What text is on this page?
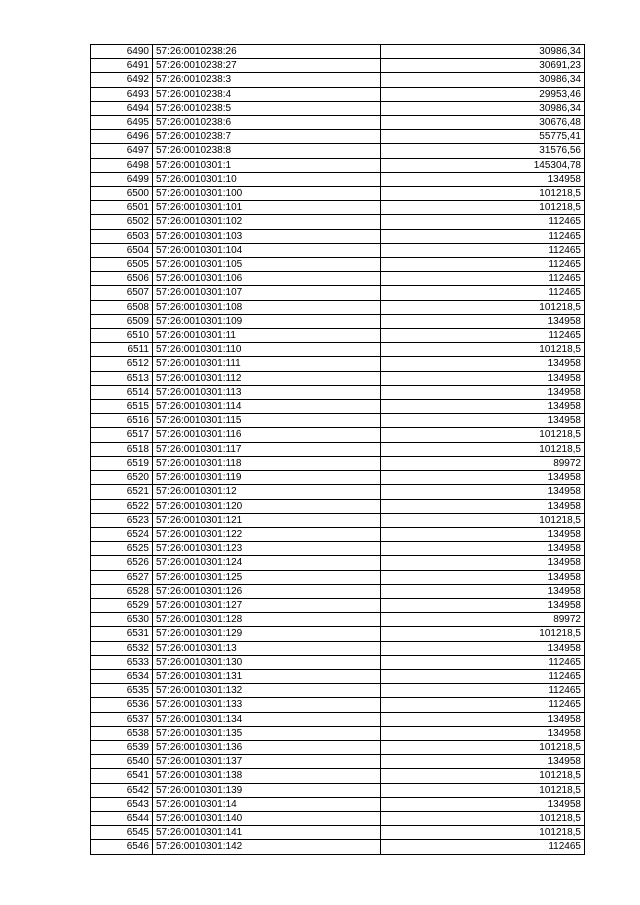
6490	57:26:0010238:26	30986,34
6491	57:26:0010238:27	30691,23
6492	57:26:0010238:3	30986,34
6493	57:26:0010238:4	29953,46
6494	57:26:0010238:5	30986,34
6495	57:26:0010238:6	30676,48
6496	57:26:0010238:7	55775,41
6497	57:26:0010238:8	31576,56
6498	57:26:0010301:1	145304,78
6499	57:26:0010301:10	134958
6500	57:26:0010301:100	101218,5
6501	57:26:0010301:101	101218,5
6502	57:26:0010301:102	112465
6503	57:26:0010301:103	112465
6504	57:26:0010301:104	112465
6505	57:26:0010301:105	112465
6506	57:26:0010301:106	112465
6507	57:26:0010301:107	112465
6508	57:26:0010301:108	101218,5
6509	57:26:0010301:109	134958
6510	57:26:0010301:11	112465
6511	57:26:0010301:110	101218,5
6512	57:26:0010301:111	134958
6513	57:26:0010301:112	134958
6514	57:26:0010301:113	134958
6515	57:26:0010301:114	134958
6516	57:26:0010301:115	134958
6517	57:26:0010301:116	101218,5
6518	57:26:0010301:117	101218,5
6519	57:26:0010301:118	89972
6520	57:26:0010301:119	134958
6521	57:26:0010301:12	134958
6522	57:26:0010301:120	134958
6523	57:26:0010301:121	101218,5
6524	57:26:0010301:122	134958
6525	57:26:0010301:123	134958
6526	57:26:0010301:124	134958
6527	57:26:0010301:125	134958
6528	57:26:0010301:126	134958
6529	57:26:0010301:127	134958
6530	57:26:0010301:128	89972
6531	57:26:0010301:129	101218,5
6532	57:26:0010301:13	134958
6533	57:26:0010301:130	112465
6534	57:26:0010301:131	112465
6535	57:26:0010301:132	112465
6536	57:26:0010301:133	112465
6537	57:26:0010301:134	134958
6538	57:26:0010301:135	134958
6539	57:26:0010301:136	101218,5
6540	57:26:0010301:137	134958
6541	57:26:0010301:138	101218,5
6542	57:26:0010301:139	101218,5
6543	57:26:0010301:14	134958
6544	57:26:0010301:140	101218,5
6545	57:26:0010301:141	101218,5
6546	57:26:0010301:142	112465
